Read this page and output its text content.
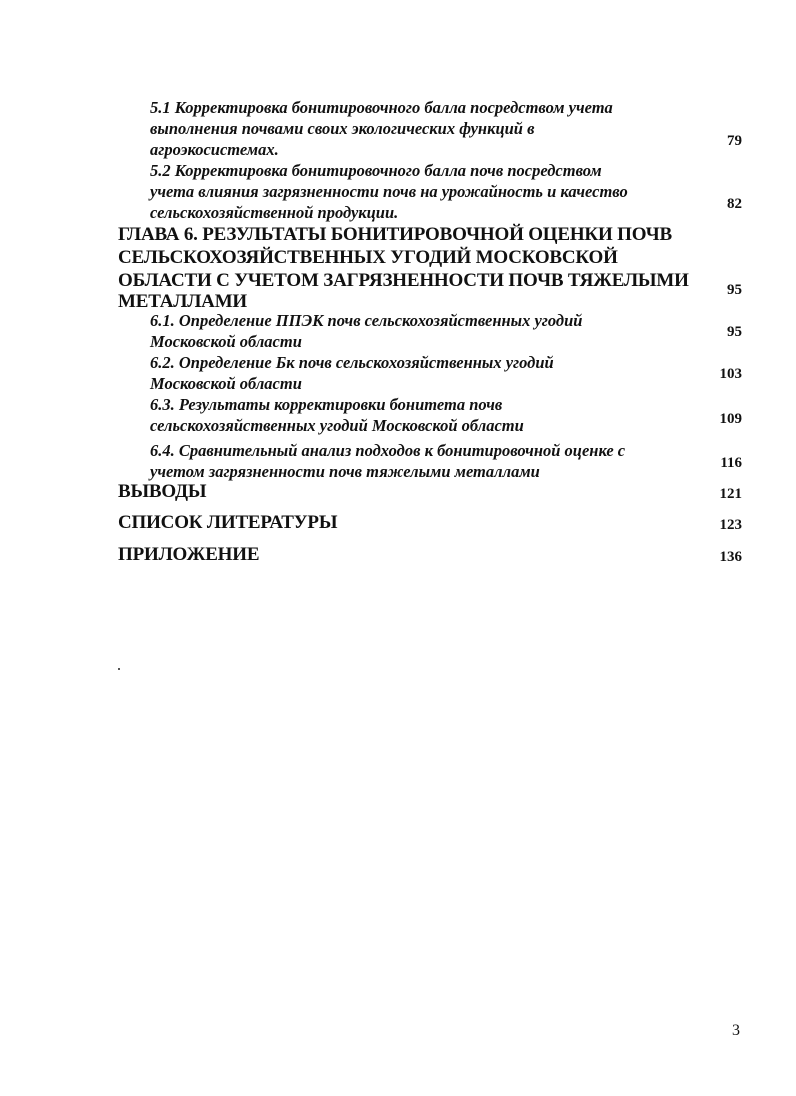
5.1 Корректировка бонитировочного балла посредством учета
выполнения почвами своих экологических функций в
агроэкосистемах.	79
5.2 Корректировка бонитировочного балла почв посредством
учета влияния загрязненности почв на урожайность и качество
сельскохозяйственной продукции.	82
ГЛАВА 6. РЕЗУЛЬТАТЫ БОНИТИРОВОЧНОЙ ОЦЕНКИ ПОЧВ
СЕЛЬСКОХОЗЯЙСТВЕННЫХ УГОДИЙ МОСКОВСКОЙ
ОБЛАСТИ С УЧЕТОМ ЗАГРЯЗНЕННОСТИ ПОЧВ ТЯЖЕЛЫМИ
МЕТАЛЛАМИ
95
6.1. Определение ППЭК почв сельскохозяйственных угодий
Московской области	95
6.2. Определение Бк почв сельскохозяйственных угодий
Московской области	103
6.3. Результаты корректировки бонитета почв
сельскохозяйственных угодий Московской области	109
6.4. Сравнительный анализ подходов к бонитировочной оценке с
учетом загрязненности почв тяжелыми металлами	116
ВЫВОДЫ	121
СПИСОК ЛИТЕРАТУРЫ	123
ПРИЛОЖЕНИЕ	136
3
